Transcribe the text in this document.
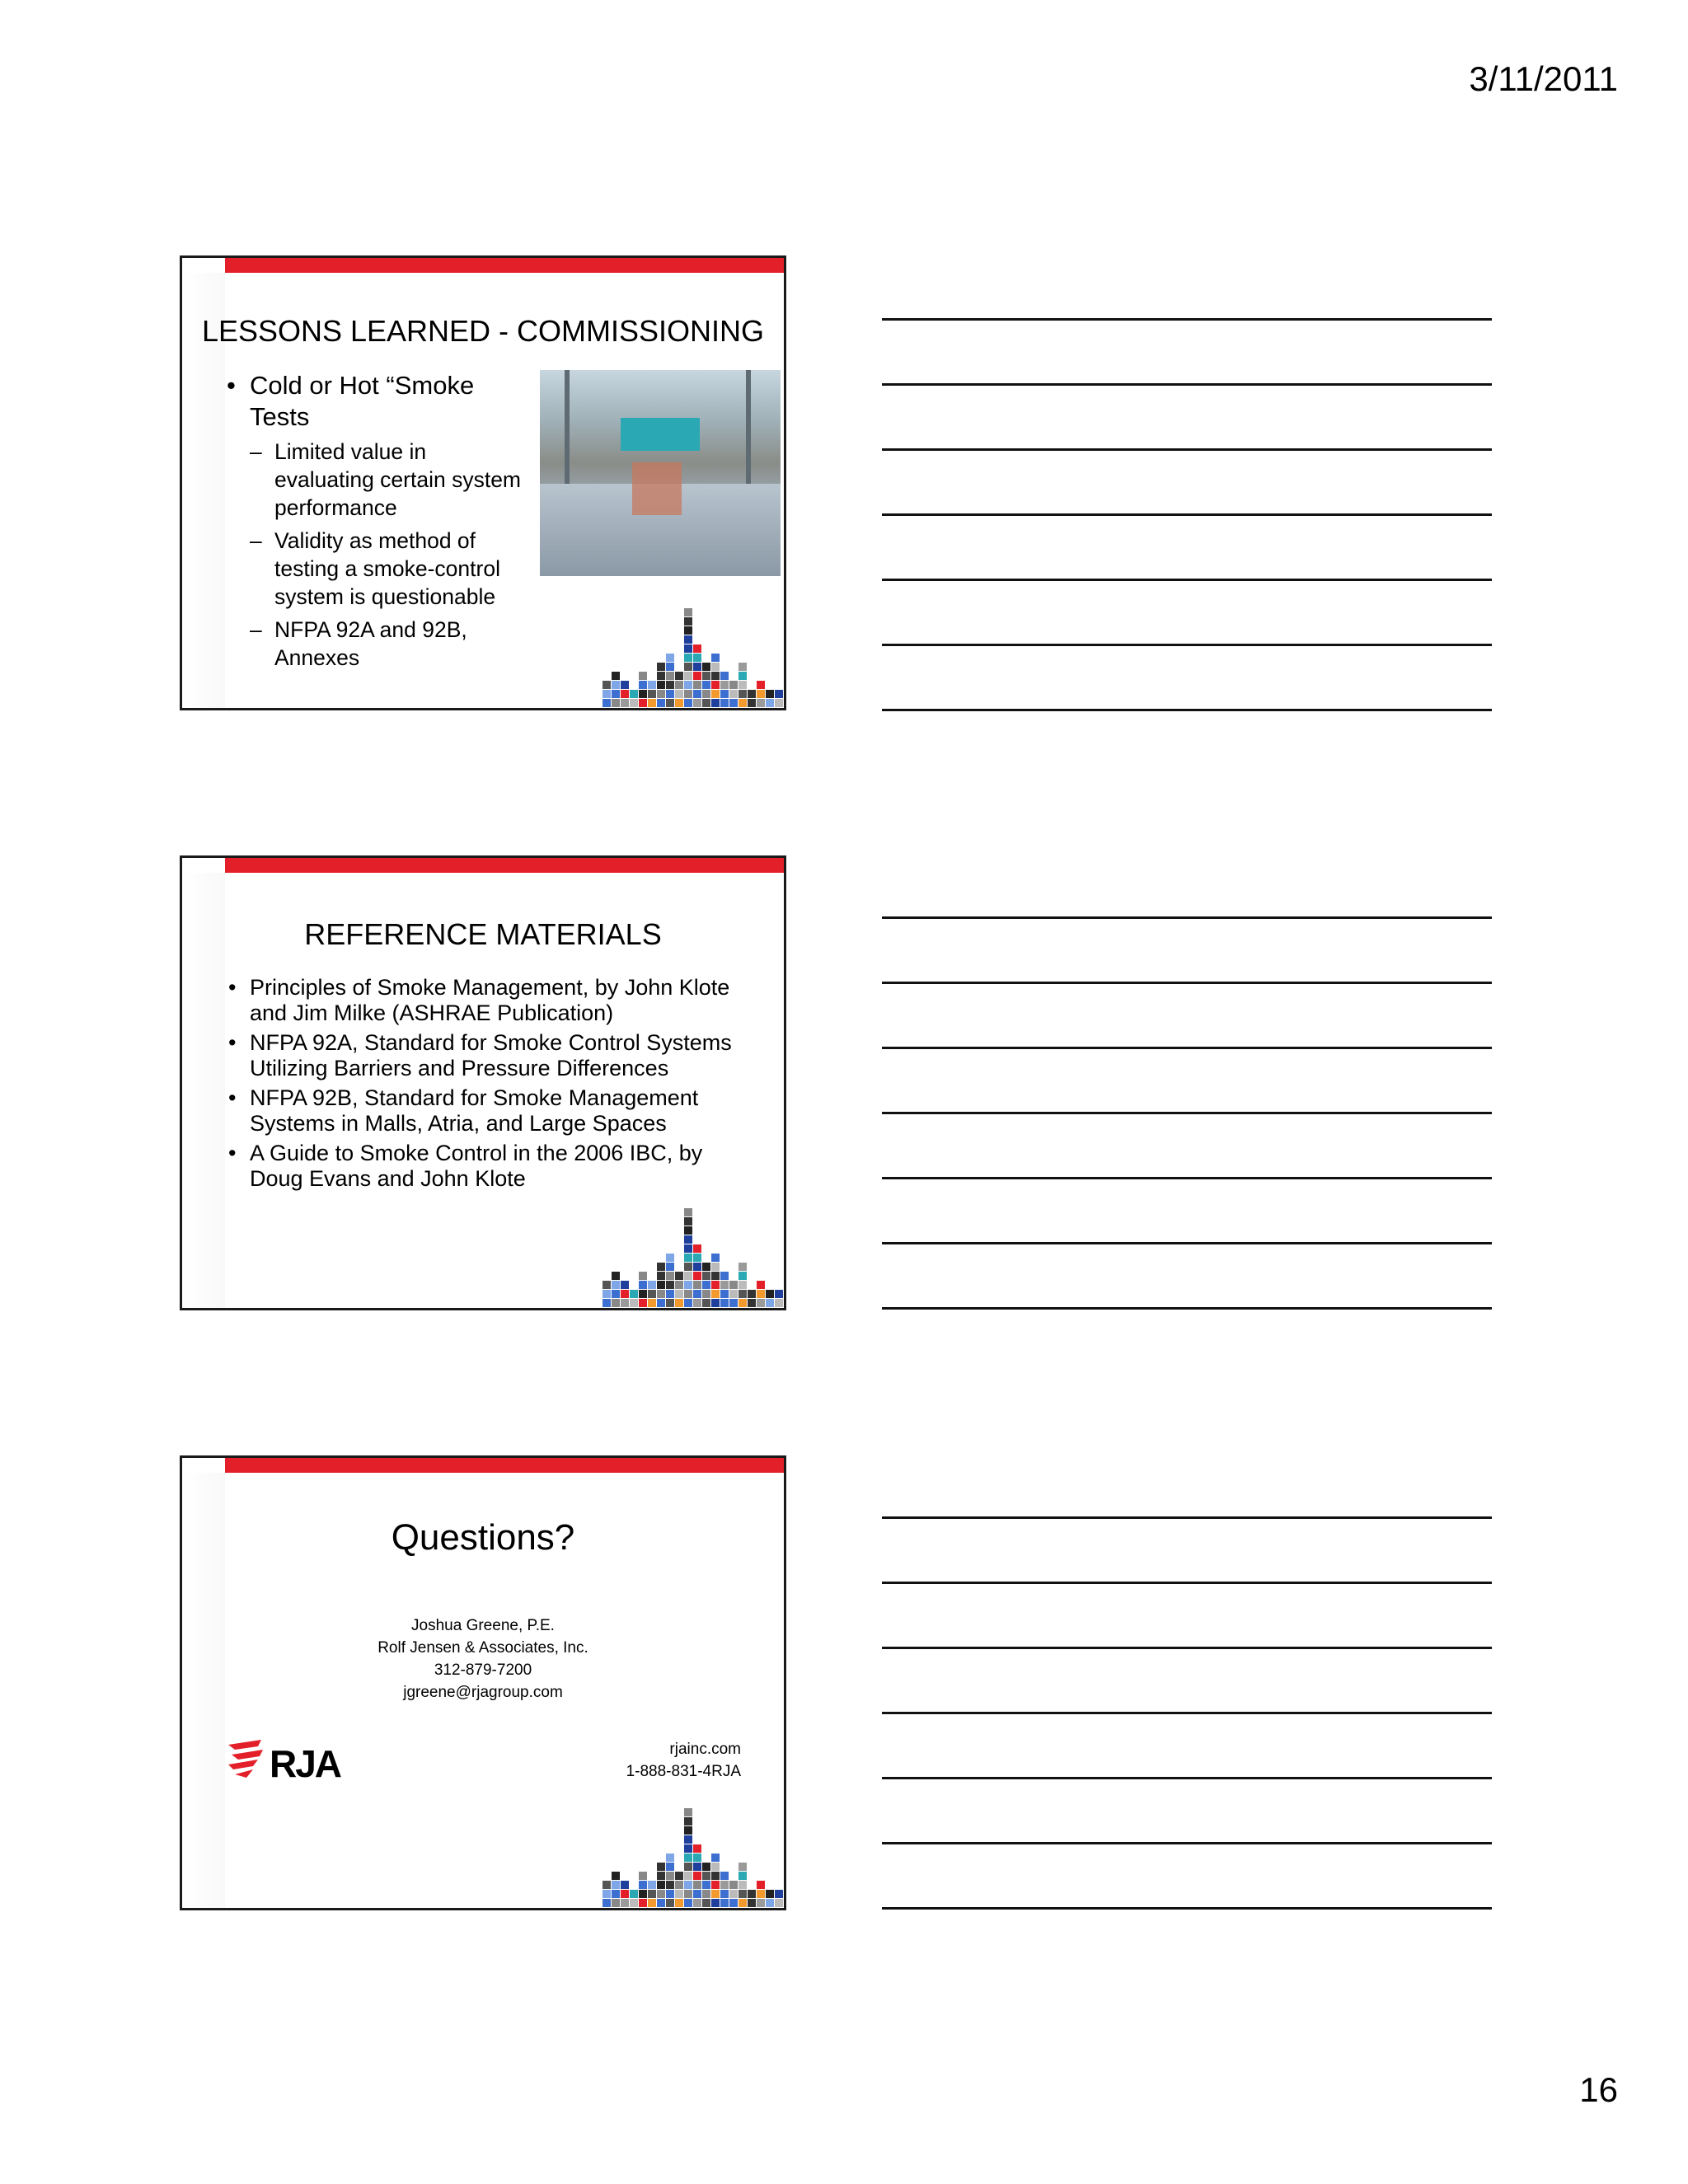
3/11/2011
LESSONS LEARNED - COMMISSIONING
• Cold or Hot “Smoke Tests
– Limited value in evaluating certain system performance
– Validity as method of testing a smoke-control system is questionable
– NFPA 92A and 92B, Annexes
REFERENCE MATERIALS
• Principles of Smoke Management, by John Klote and Jim Milke (ASHRAE Publication)
• NFPA 92A, Standard for Smoke Control Systems Utilizing Barriers and Pressure Differences
• NFPA 92B, Standard for Smoke Management Systems in Malls, Atria, and Large Spaces
• A Guide to Smoke Control in the 2006 IBC, by Doug Evans and John Klote
Questions?
Joshua Greene, P.E.
Rolf Jensen & Associates, Inc.
312-879-7200
jgreene@rjagroup.com
RJA	rjainc.com
1-888-831-4RJA
16
